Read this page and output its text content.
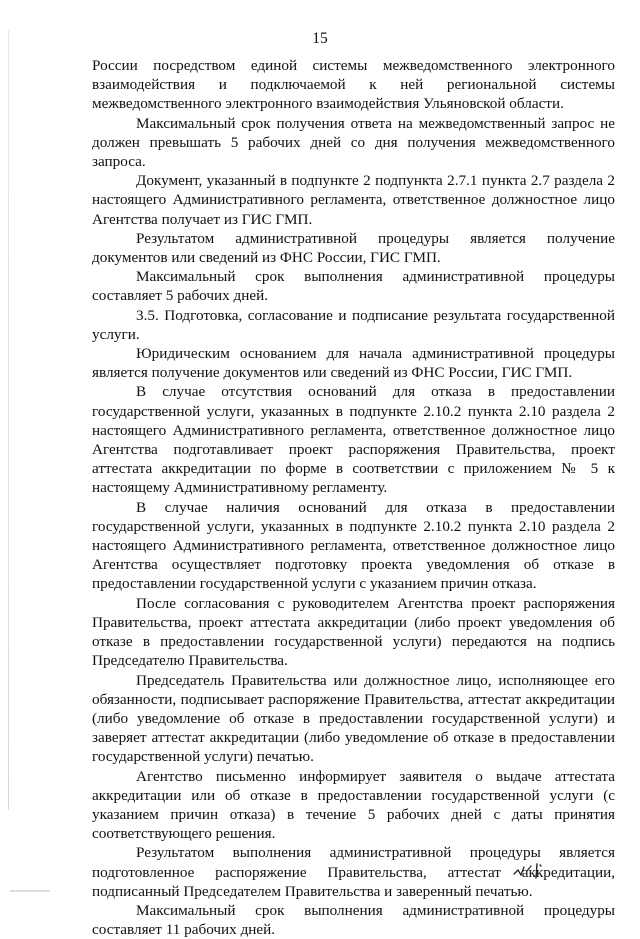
15

России посредством единой системы межведомственного электронного взаимодействия и подключаемой к ней региональной системы межведомственного электронного взаимодействия Ульяновской области.

Максимальный срок получения ответа на межведомственный запрос не должен превышать 5 рабочих дней со дня получения межведомственного запроса.

Документ, указанный в подпункте 2 подпункта 2.7.1 пункта 2.7 раздела 2 настоящего Административного регламента, ответственное должностное лицо Агентства получает из ГИС ГМП.

Результатом административной процедуры является получение документов или сведений из ФНС России, ГИС ГМП.

Максимальный срок выполнения административной процедуры составляет 5 рабочих дней.

3.5. Подготовка, согласование и подписание результата государственной услуги.

Юридическим основанием для начала административной процедуры является получение документов или сведений из ФНС России, ГИС ГМП.

В случае отсутствия оснований для отказа в предоставлении государственной услуги, указанных в подпункте 2.10.2 пункта 2.10 раздела 2 настоящего Административного регламента, ответственное должностное лицо Агентства подготавливает проект распоряжения Правительства, проект аттестата аккредитации по форме в соответствии с приложением № 5 к настоящему Административному регламенту.

В случае наличия оснований для отказа в предоставлении государственной услуги, указанных в подпункте 2.10.2 пункта 2.10 раздела 2 настоящего Административного регламента, ответственное должностное лицо Агентства осуществляет подготовку проекта уведомления об отказе в предоставлении государственной услуги с указанием причин отказа.

После согласования с руководителем Агентства проект распоряжения Правительства, проект аттестата аккредитации (либо проект уведомления об отказе в предоставлении государственной услуги) передаются на подпись Председателю Правительства.

Председатель Правительства или должностное лицо, исполняющее его обязанности, подписывает распоряжение Правительства, аттестат аккредитации (либо уведомление об отказе в предоставлении государственной услуги) и заверяет аттестат аккредитации (либо уведомление об отказе в предоставлении государственной услуги) печатью.

Агентство письменно информирует заявителя о выдаче аттестата аккредитации или об отказе в предоставлении государственной услуги (с указанием причин отказа) в течение 5 рабочих дней с даты принятия соответствующего решения.

Результатом выполнения административной процедуры является подготовленное распоряжение Правительства, аттестат аккредитации, подписанный Председателем Правительства и заверенный печатью.

Максимальный срок выполнения административной процедуры составляет 11 рабочих дней.
